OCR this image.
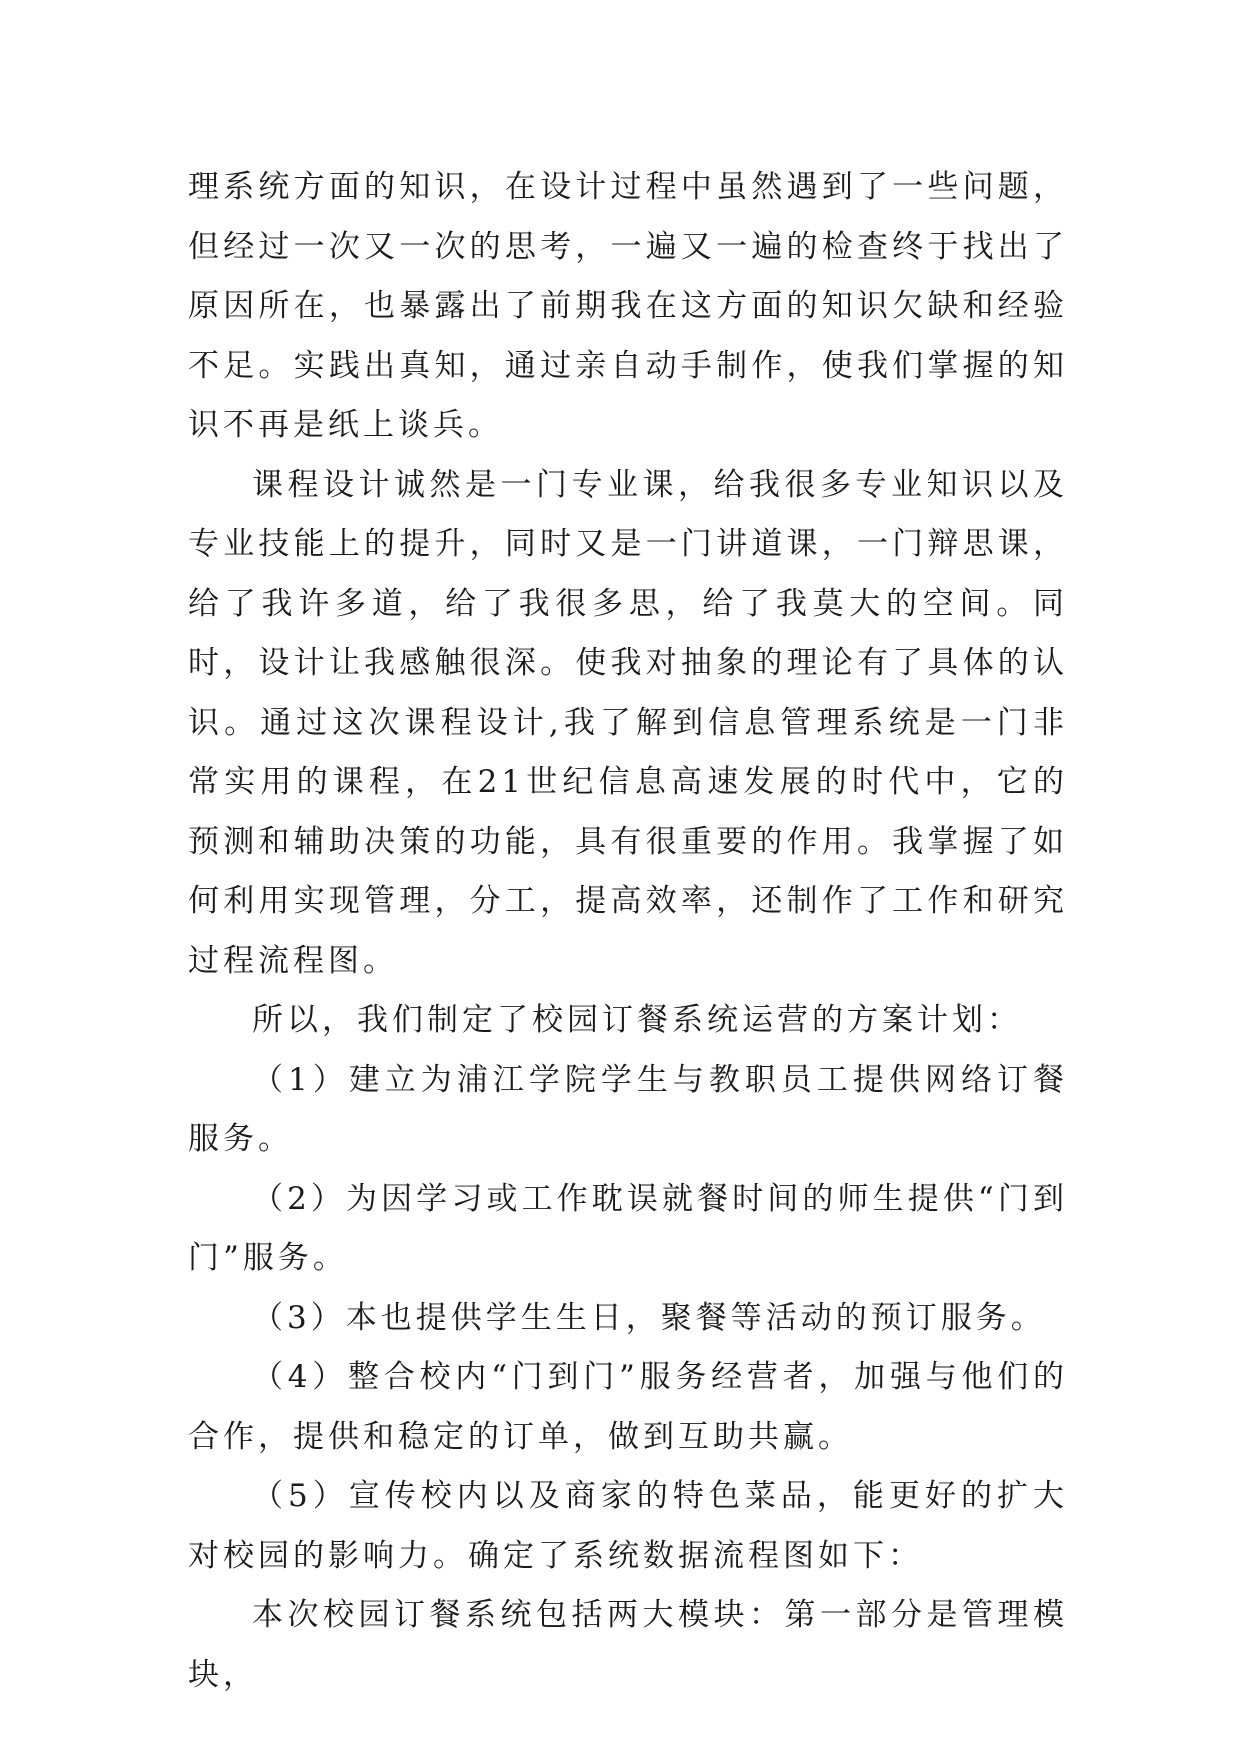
理系统方面的知识，在设计过程中虽然遇到了一些问题，但经过一次又一次的思考，一遍又一遍的检查终于找出了原因所在，也暴露出了前期我在这方面的知识欠缺和经验不足。实践出真知，通过亲自动手制作，使我们掌握的知识不再是纸上谈兵。

课程设计诚然是一门专业课，给我很多专业知识以及专业技能上的提升，同时又是一门讲道课，一门辩思课，给了我许多道，给了我很多思，给了我莫大的空间。同时，设计让我感触很深。使我对抽象的理论有了具体的认识。通过这次课程设计,我了解到信息管理系统是一门非常实用的课程，在21世纪信息高速发展的时代中，它的预测和辅助决策的功能，具有很重要的作用。我掌握了如何利用实现管理，分工，提高效率，还制作了工作和研究过程流程图。

所以，我们制定了校园订餐系统运营的方案计划：

（1）建立为浦江学院学生与教职员工提供网络订餐服务。

（2）为因学习或工作耽误就餐时间的师生提供“门到门”服务。

（3）本也提供学生生日，聚餐等活动的预订服务。

（4）整合校内“门到门”服务经营者，加强与他们的合作，提供和稳定的订单，做到互助共赢。

（5）宣传校内以及商家的特色菜品，能更好的扩大对校园的影响力。确定了系统数据流程图如下：

本次校园订餐系统包括两大模块：第一部分是管理模块，
